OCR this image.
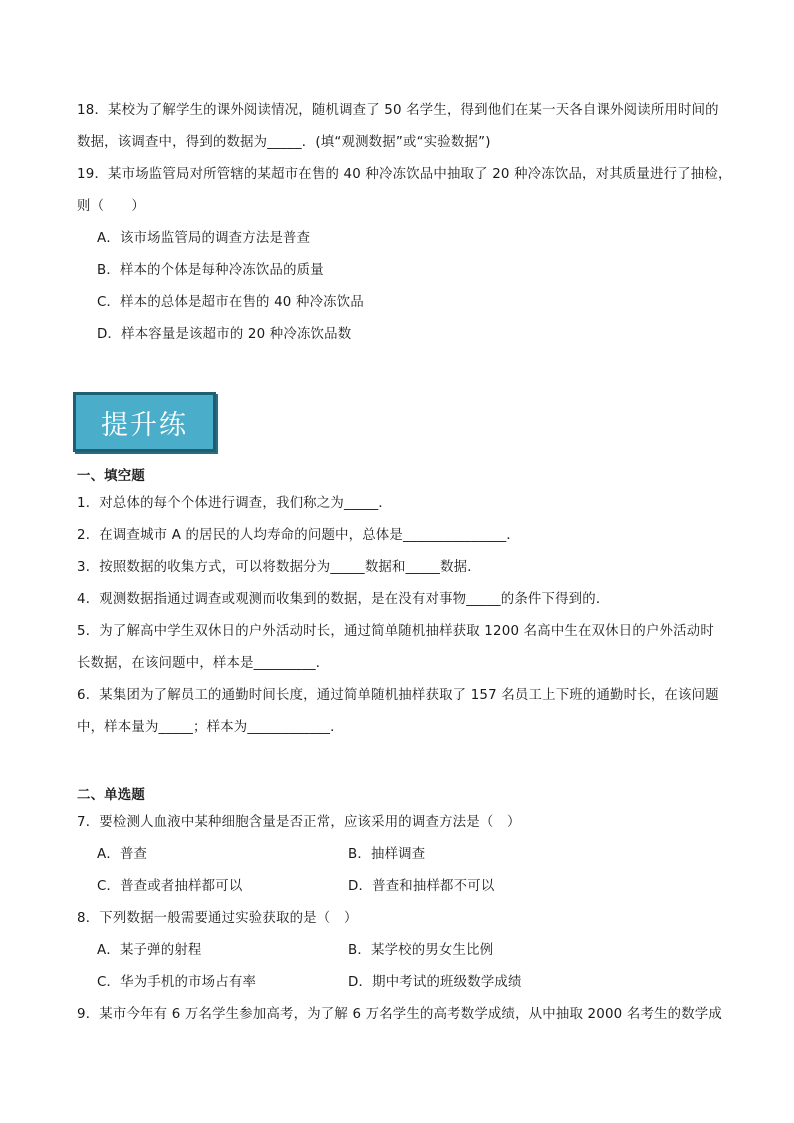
18．某校为了解学生的课外阅读情况，随机调查了 50 名学生，得到他们在某一天各自课外阅读所用时间的
数据，该调查中，得到的数据为_____．(填“观测数据”或“实验数据”)
19．某市场监管局对所管辖的某超市在售的 40 种冷冻饮品中抽取了 20 种冷冻饮品，对其质量进行了抽检，
则（　　）
A．该市场监管局的调查方法是普查
B．样本的个体是每种冷冻饮品的质量
C．样本的总体是超市在售的 40 种冷冻饮品
D．样本容量是该超市的 20 种冷冻饮品数
提升练
一、填空题
1．对总体的每个个体进行调查，我们称之为_____．
2．在调查城市 A 的居民的人均寿命的问题中，总体是_______________．
3．按照数据的收集方式，可以将数据分为_____数据和_____数据．
4．观测数据指通过调查或观测而收集到的数据，是在没有对事物_____的条件下得到的．
5．为了解高中学生双休日的户外活动时长，通过简单随机抽样获取 1200 名高中生在双休日的户外活动时
长数据，在该问题中，样本是_________．
6．某集团为了解员工的通勤时间长度，通过简单随机抽样获取了 157 名员工上下班的通勤时长，在该问题
中，样本量为_____；样本为____________．
二、单选题
7．要检测人血液中某种细胞含量是否正常，应该采用的调查方法是（　）
A．普查	B．抽样调查
C．普查或者抽样都可以	D．普查和抽样都不可以
8．下列数据一般需要通过实验获取的是（　）
A．某子弹的射程	B．某学校的男女生比例
C．华为手机的市场占有率	D．期中考试的班级数学成绩
9．某市今年有 6 万名学生参加高考，为了解 6 万名学生的高考数学成绩，从中抽取 2000 名考生的数学成
